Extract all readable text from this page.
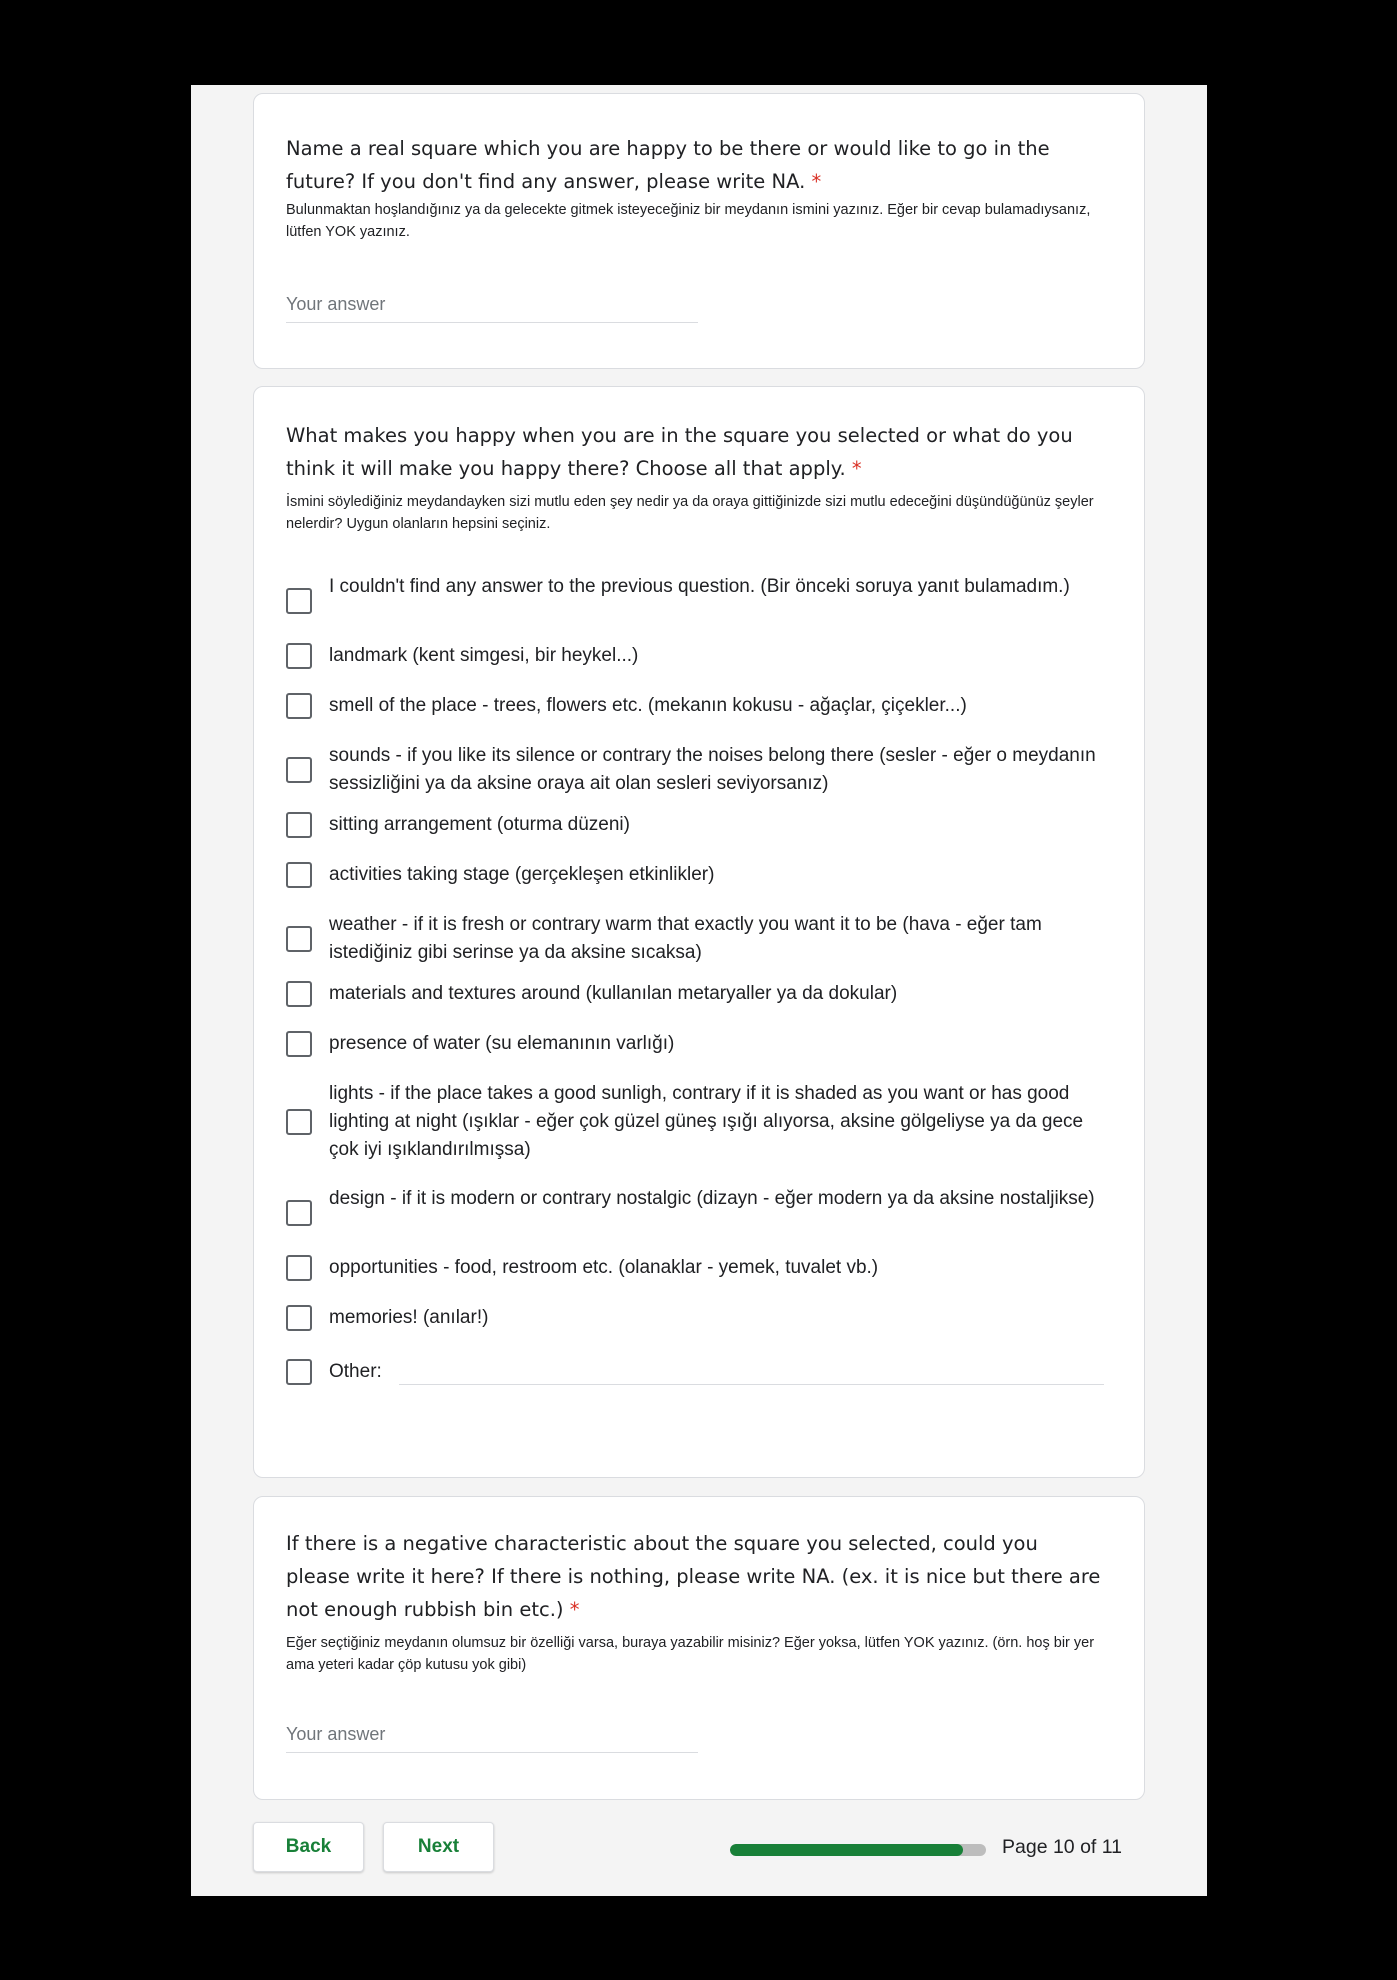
Name a real square which you are happy to be there or would like to go in the future? If you don't find any answer, please write NA. *
Bulunmaktan hoşlandığınız ya da gelecekte gitmek isteyeceğiniz bir meydanın ismini yazınız. Eğer bir cevap bulamadıysanız, lütfen YOK yazınız.
Your answer
What makes you happy when you are in the square you selected or what do you think it will make you happy there? Choose all that apply. *
İsmini söylediğiniz meydandayken sizi mutlu eden şey nedir ya da oraya gittiğinizde sizi mutlu edeceğini düşündüğünüz şeyler nelerdir? Uygun olanların hepsini seçiniz.
I couldn't find any answer to the previous question. (Bir önceki soruya yanıt bulamadım.)
landmark (kent simgesi, bir heykel...)
smell of the place - trees, flowers etc. (mekanın kokusu - ağaçlar, çiçekler...)
sounds - if you like its silence or contrary the noises belong there (sesler - eğer o meydanın sessizliğini ya da aksine oraya ait olan sesleri seviyorsanız)
sitting arrangement (oturma düzeni)
activities taking stage (gerçekleşen etkinlikler)
weather - if it is fresh or contrary warm that exactly you want it to be (hava - eğer tam istediğiniz gibi serinse ya da aksine sıcaksa)
materials and textures around (kullanılan metaryaller ya da dokular)
presence of water (su elemanının varlığı)
lights - if the place takes a good sunligh, contrary if it is shaded as you want or has good lighting at night (ışıklar - eğer çok güzel güneş ışığı alıyorsa, aksine gölgeliyse ya da gece çok iyi ışıklandırılmışsa)
design - if it is modern or contrary nostalgic (dizayn - eğer modern ya da aksine nostaljikse)
opportunities - food, restroom etc. (olanaklar - yemek, tuvalet vb.)
memories! (anılar!)
Other:
If there is a negative characteristic about the square you selected, could you please write it here? If there is nothing, please write NA. (ex. it is nice but there are not enough rubbish bin etc.) *
Eğer seçtiğiniz meydanın olumsuz bir özelliği varsa, buraya yazabilir misiniz? Eğer yoksa, lütfen YOK yazınız. (örn. hoş bir yer ama yeteri kadar çöp kutusu yok gibi)
Your answer
Back	Next	Page 10 of 11
